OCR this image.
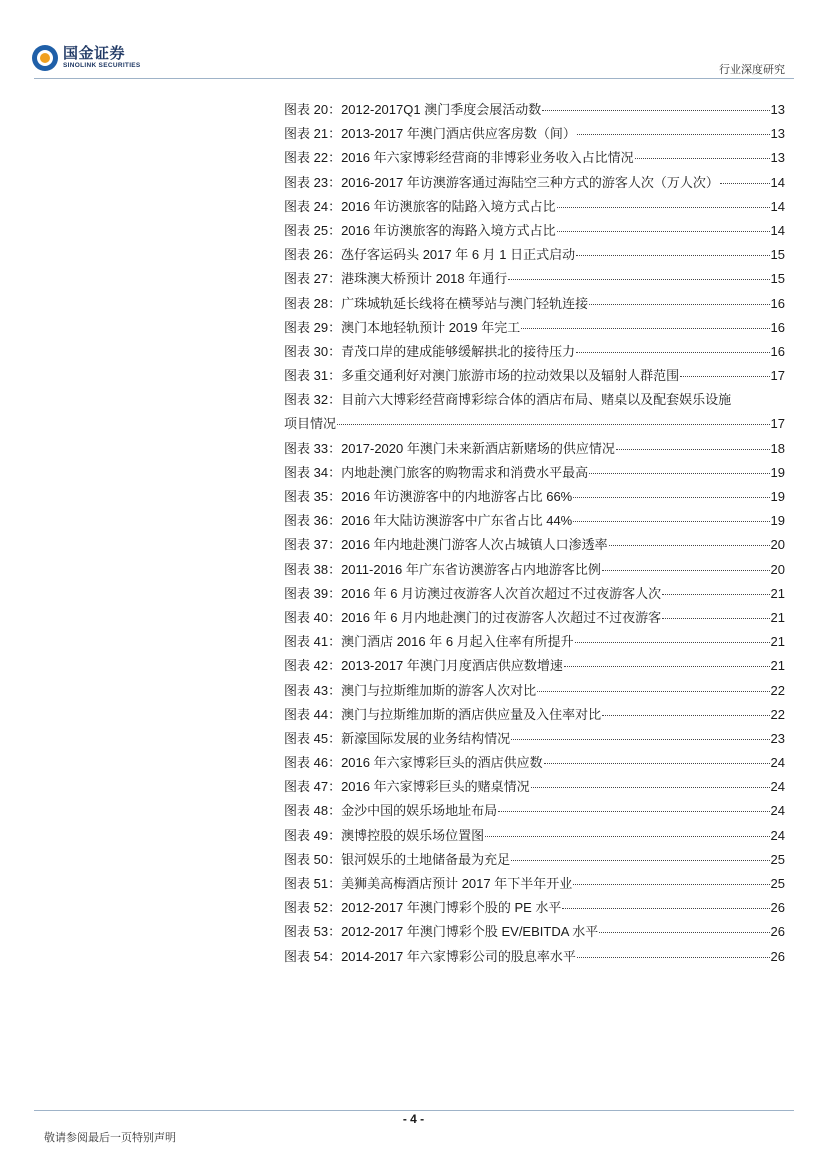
国金证券
SINOLINK SECURITIES	行业深度研究
图表 20： 2012-2017Q1 澳门季度会展活动数	13
图表 21： 2013-2017 年澳门酒店供应客房数（间）	13
图表 22： 2016 年六家博彩经营商的非博彩业务收入占比情况	13
图表 23： 2016-2017 年访澳游客通过海陆空三种方式的游客人次（万人次）	14
图表 24： 2016 年访澳旅客的陆路入境方式占比	14
图表 25： 2016 年访澳旅客的海路入境方式占比	14
图表 26： 氹仔客运码头 2017 年 6 月 1 日正式启动	15
图表 27： 港珠澳大桥预计 2018 年通行	15
图表 28： 广珠城轨延长线将在横琴站与澳门轻轨连接	16
图表 29： 澳门本地轻轨预计 2019 年完工	16
图表 30： 青茂口岸的建成能够缓解拱北的接待压力	16
图表 31： 多重交通利好对澳门旅游市场的拉动效果以及辐射人群范围	17
图表 32： 目前六大博彩经营商博彩综合体的酒店布局、赌桌以及配套娱乐设施
项目情况	17
图表 33： 2017-2020 年澳门未来新酒店新赌场的供应情况	18
图表 34： 内地赴澳门旅客的购物需求和消费水平最高	19
图表 35： 2016 年访澳游客中的内地游客占比 66%	19
图表 36： 2016 年大陆访澳游客中广东省占比 44%	19
图表 37： 2016 年内地赴澳门游客人次占城镇人口渗透率	20
图表 38： 2011-2016 年广东省访澳游客占内地游客比例	20
图表 39： 2016 年 6 月访澳过夜游客人次首次超过不过夜游客人次	21
图表 40： 2016 年 6 月内地赴澳门的过夜游客人次超过不过夜游客	21
图表 41： 澳门酒店 2016 年 6 月起入住率有所提升	21
图表 42： 2013-2017 年澳门月度酒店供应数增速	21
图表 43： 澳门与拉斯维加斯的游客人次对比	22
图表 44： 澳门与拉斯维加斯的酒店供应量及入住率对比	22
图表 45： 新濠国际发展的业务结构情况	23
图表 46： 2016 年六家博彩巨头的酒店供应数	24
图表 47： 2016 年六家博彩巨头的赌桌情况	24
图表 48： 金沙中国的娱乐场地址布局	24
图表 49： 澳博控股的娱乐场位置图	24
图表 50： 银河娱乐的土地储备最为充足	25
图表 51： 美狮美高梅酒店预计 2017 年下半年开业	25
图表 52： 2012-2017 年澳门博彩个股的 PE 水平	26
图表 53： 2012-2017 年澳门博彩个股 EV/EBITDA 水平	26
图表 54： 2014-2017 年六家博彩公司的股息率水平	26
- 4 -
敬请参阅最后一页特别声明
